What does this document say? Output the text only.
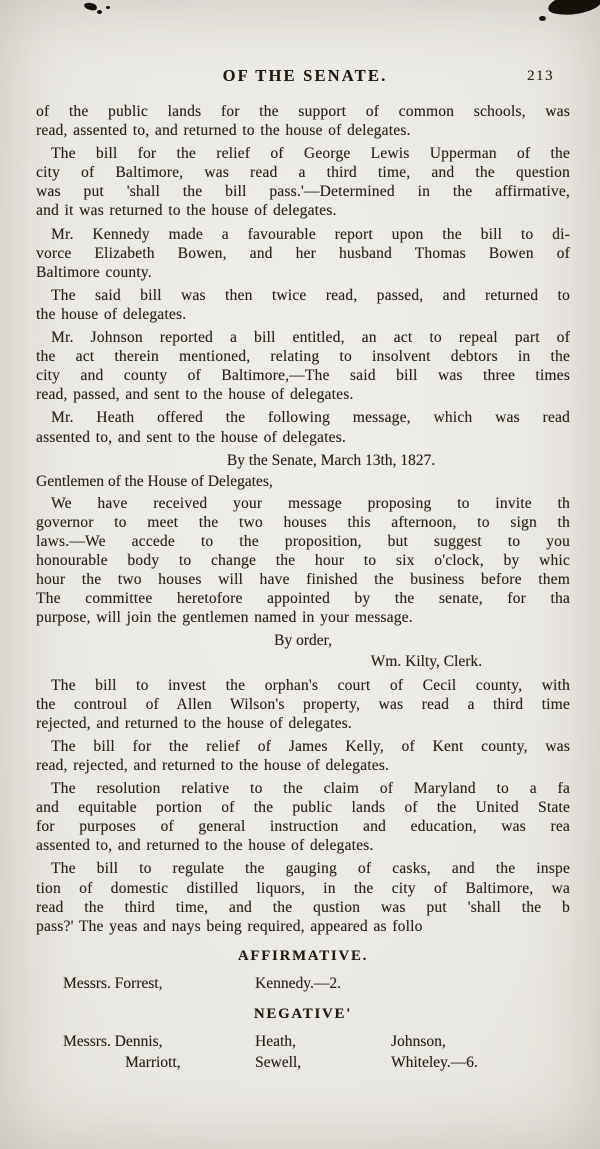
OF THE SENATE.	213
of the public lands for the support of common schools, was
read, assented to, and returned to the house of delegates.
The bill for the relief of George Lewis Upperman of the
city of Baltimore, was read a third time, and the question
was put 'shall the bill pass.'—Determined in the affirmative,
and it was returned to the house of delegates.
Mr. Kennedy made a favourable report upon the bill to di-
vorce Elizabeth Bowen, and her husband Thomas Bowen of
Baltimore county.
The said bill was then twice read, passed, and returned to
the house of delegates.
Mr. Johnson reported a bill entitled, an act to repeal part of
the act therein mentioned, relating to insolvent debtors in the
city and county of Baltimore,—The said bill was three times
read, passed, and sent to the house of delegates.
Mr. Heath offered the following message, which was read
assented to, and sent to the house of delegates.
By the Senate, March 13th, 1827.
Gentlemen of the House of Delegates,
We have received your message proposing to invite th
governor to meet the two houses this afternoon, to sign th
laws.—We accede to the proposition, but suggest to you
honourable body to change the hour to six o'clock, by whic
hour the two houses will have finished the business before them
The committee heretofore appointed by the senate, for tha
purpose, will join the gentlemen named in your message.
By order,
Wm. Kilty, Clerk.
The bill to invest the orphan's court of Cecil county, with
the controul of Allen Wilson's property, was read a third time
rejected, and returned to the house of delegates.
The bill for the relief of James Kelly, of Kent county, was
read, rejected, and returned to the house of delegates.
The resolution relative to the claim of Maryland to a fa
and equitable portion of the public lands of the United State
for purposes of general instruction and education, was rea
assented to, and returned to the house of delegates.
The bill to regulate the gauging of casks, and the inspe
tion of domestic distilled liquors, in the city of Baltimore, wa
read the third time, and the qustion was put 'shall the b
pass?' The yeas and nays being required, appeared as follo
AFFIRMATIVE.
Messrs. Forrest,	Kennedy.—2.
NEGATIVE'
Messrs. Dennis,	Heath,	Johnson,
Marriott,	Sewell,	Whiteley.—6.
